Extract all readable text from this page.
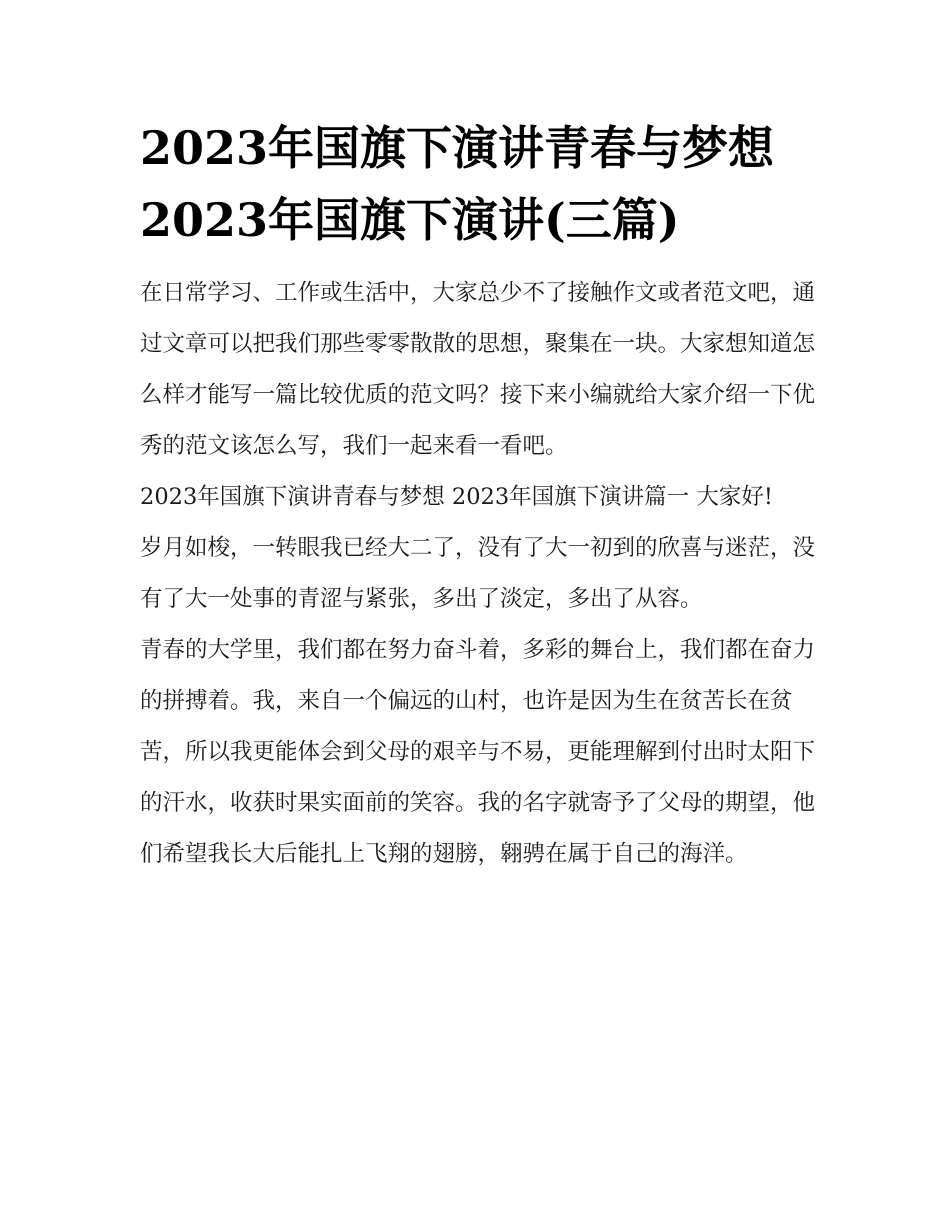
2023年国旗下演讲青春与梦想
2023年国旗下演讲(三篇)

在日常学习、工作或生活中，大家总少不了接触作文或者范文吧，通过文章可以把我们那些零零散散的思想，聚集在一块。大家想知道怎么样才能写一篇比较优质的范文吗？接下来小编就给大家介绍一下优秀的范文该怎么写，我们一起来看一看吧。

2023年国旗下演讲青春与梦想 2023年国旗下演讲篇一 大家好!

岁月如梭，一转眼我已经大二了，没有了大一初到的欣喜与迷茫，没有了大一处事的青涩与紧张，多出了淡定，多出了从容。

青春的大学里，我们都在努力奋斗着，多彩的舞台上，我们都在奋力的拼搏着。我，来自一个偏远的山村，也许是因为生在贫苦长在贫苦，所以我更能体会到父母的艰辛与不易，更能理解到付出时太阳下的汗水，收获时果实面前的笑容。我的名字就寄予了父母的期望，他们希望我长大后能扎上飞翔的翅膀，翱骋在属于自己的海洋。
